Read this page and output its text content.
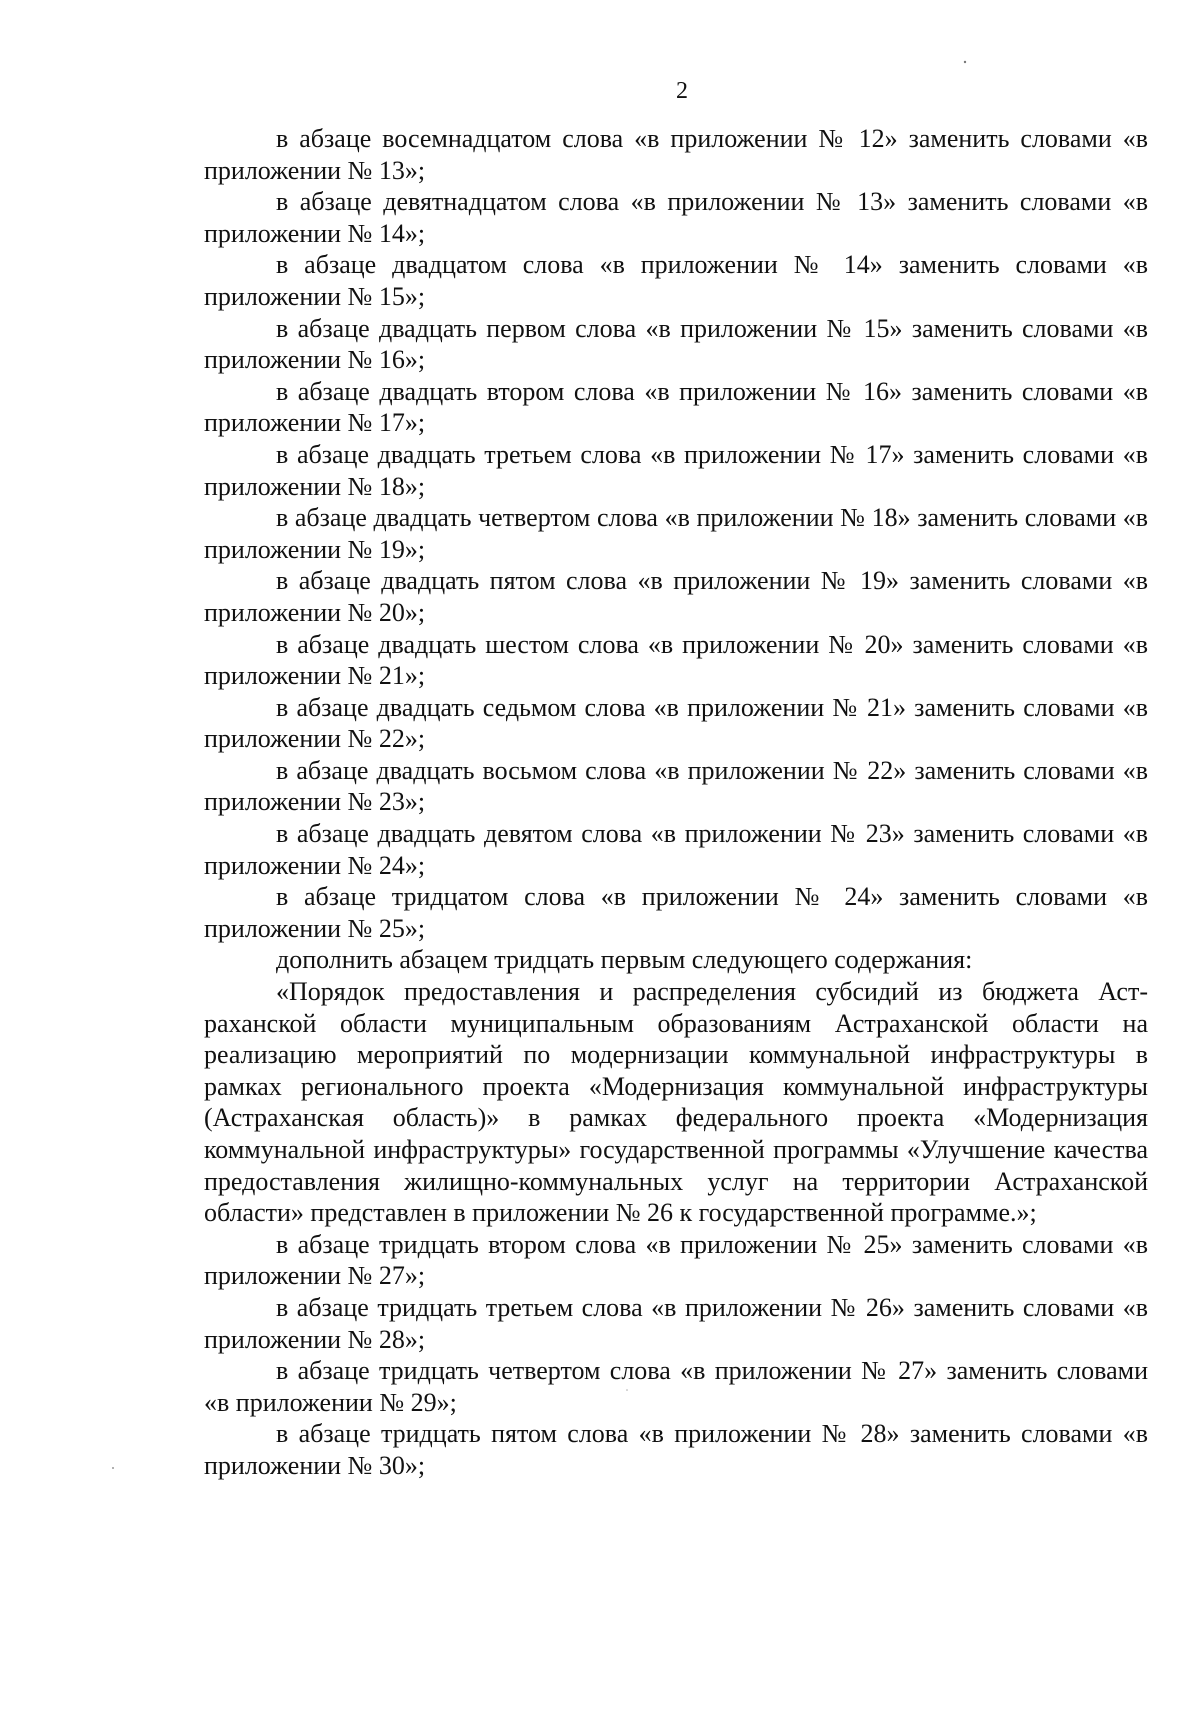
2

в абзаце восемнадцатом слова «в приложении № 12» заменить словами «в приложении № 13»;

в абзаце девятнадцатом слова «в приложении № 13» заменить словами «в приложении № 14»;

в абзаце двадцатом слова «в приложении № 14» заменить словами «в приложении № 15»;

в абзаце двадцать первом слова «в приложении № 15» заменить словами «в приложении № 16»;

в абзаце двадцать втором слова «в приложении № 16» заменить словами «в приложении № 17»;

в абзаце двадцать третьем слова «в приложении № 17» заменить словами «в приложении № 18»;

в абзаце двадцать четвертом слова «в приложении № 18» заменить словами «в приложении № 19»;

в абзаце двадцать пятом слова «в приложении № 19» заменить словами «в приложении № 20»;

в абзаце двадцать шестом слова «в приложении № 20» заменить словами «в приложении № 21»;

в абзаце двадцать седьмом слова «в приложении № 21» заменить словами «в приложении № 22»;

в абзаце двадцать восьмом слова «в приложении № 22» заменить словами «в приложении № 23»;

в абзаце двадцать девятом слова «в приложении № 23» заменить словами «в приложении № 24»;

в абзаце тридцатом слова «в приложении № 24» заменить словами «в приложении № 25»;

дополнить абзацем тридцать первым следующего содержания:

«Порядок предоставления и распределения субсидий из бюджета Астраханской области муниципальным образованиям Астраханской области на реализацию мероприятий по модернизации коммунальной инфраструктуры в рамках регионального проекта «Модернизация коммунальной инфраструктуры (Астраханская область)» в рамках федерального проекта «Модернизация коммунальной инфраструктуры» государственной программы «Улучшение качества предоставления жилищно-коммунальных услуг на территории Астраханской области» представлен в приложении № 26 к государственной программе.»;

в абзаце тридцать втором слова «в приложении № 25» заменить словами «в приложении № 27»;

в абзаце тридцать третьем слова «в приложении № 26» заменить словами «в приложении № 28»;

в абзаце тридцать четвертом слова «в приложении № 27» заменить словами «в приложении № 29»;

в абзаце тридцать пятом слова «в приложении № 28» заменить словами «в приложении № 30»;
